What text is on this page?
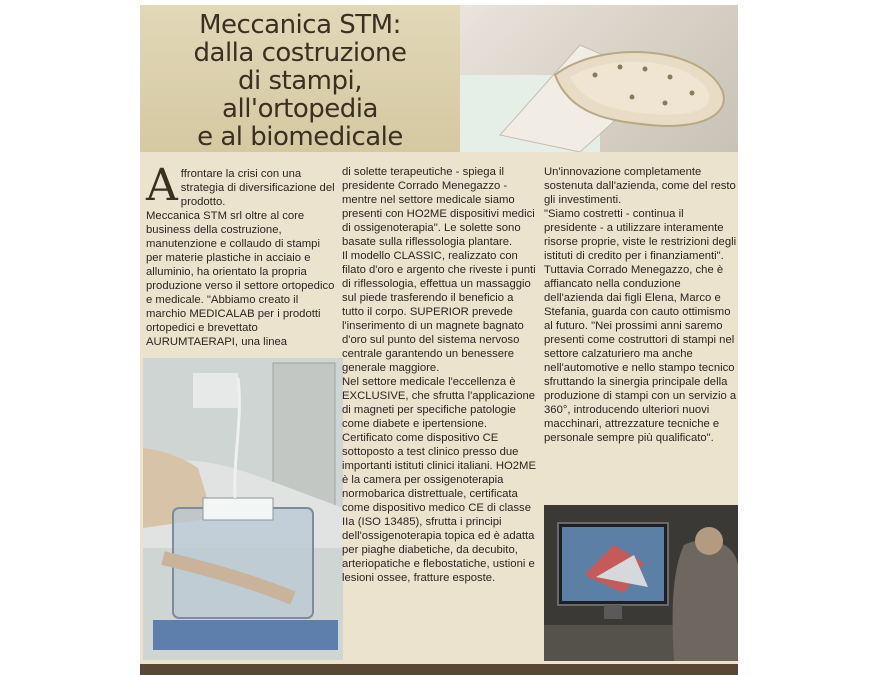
Meccanica STM:
dalla costruzione
di stampi,
all'ortopedia
e al biomedicale

Affrontare la crisi con una strategia di diversificazione del prodotto.

Meccanica STM srl oltre al core business della costruzione, manutenzione e collaudo di stampi per materie plastiche in acciaio e alluminio, ha orientato la propria produzione verso il settore ortopedico e medicale. "Abbiamo creato il marchio MEDICALAB per i prodotti ortopedici e brevettato AURUMTAERAPI, una linea

di solette terapeutiche - spiega il presidente Corrado Menegazzo - mentre nel settore medicale siamo presenti con HO2ME dispositivi medici di ossigenoterapia". Le solette sono basate sulla riflessologia plantare.

Il modello CLASSIC, realizzato con filato d'oro e argento che riveste i punti di riflessologia, effettua un massaggio sul piede trasferendo il beneficio a tutto il corpo. SUPERIOR prevede l'inserimento di un magnete bagnato d'oro sul punto del sistema nervoso centrale garantendo un benessere generale maggiore.

Nel settore medicale l'eccellenza è EXCLUSIVE, che sfrutta l'applicazione di magneti per specifiche patologie come diabete e ipertensione. Certificato come dispositivo CE sottoposto a test clinico presso due importanti istituti clinici italiani. HO2ME è la camera per ossigenoterapia normobarica distrettuale, certificata come dispositivo medico CE di classe IIa (ISO 13485), sfrutta i principi dell'ossigenoterapia topica ed è adatta per piaghe diabetiche, da decubito, arteriopatiche e flebostatiche, ustioni e lesioni ossee, fratture esposte.

Un'innovazione completamente sostenuta dall'azienda, come del resto gli investimenti.

"Siamo costretti - continua il presidente - a utilizzare interamente risorse proprie, viste le restrizioni degli istituti di credito per i finanziamenti".

Tuttavia Corrado Menegazzo, che è affiancato nella conduzione dell'azienda dai figli Elena, Marco e Stefania, guarda con cauto ottimismo al futuro. "Nei prossimi anni saremo presenti come costruttori di stampi nel settore calzaturiero ma anche nell'automotive e nello stampo tecnico sfruttando la sinergia principale della produzione di stampi con un servizio a 360°, introducendo ulteriori nuovi macchinari, attrezzature tecniche e personale sempre più qualificato".
